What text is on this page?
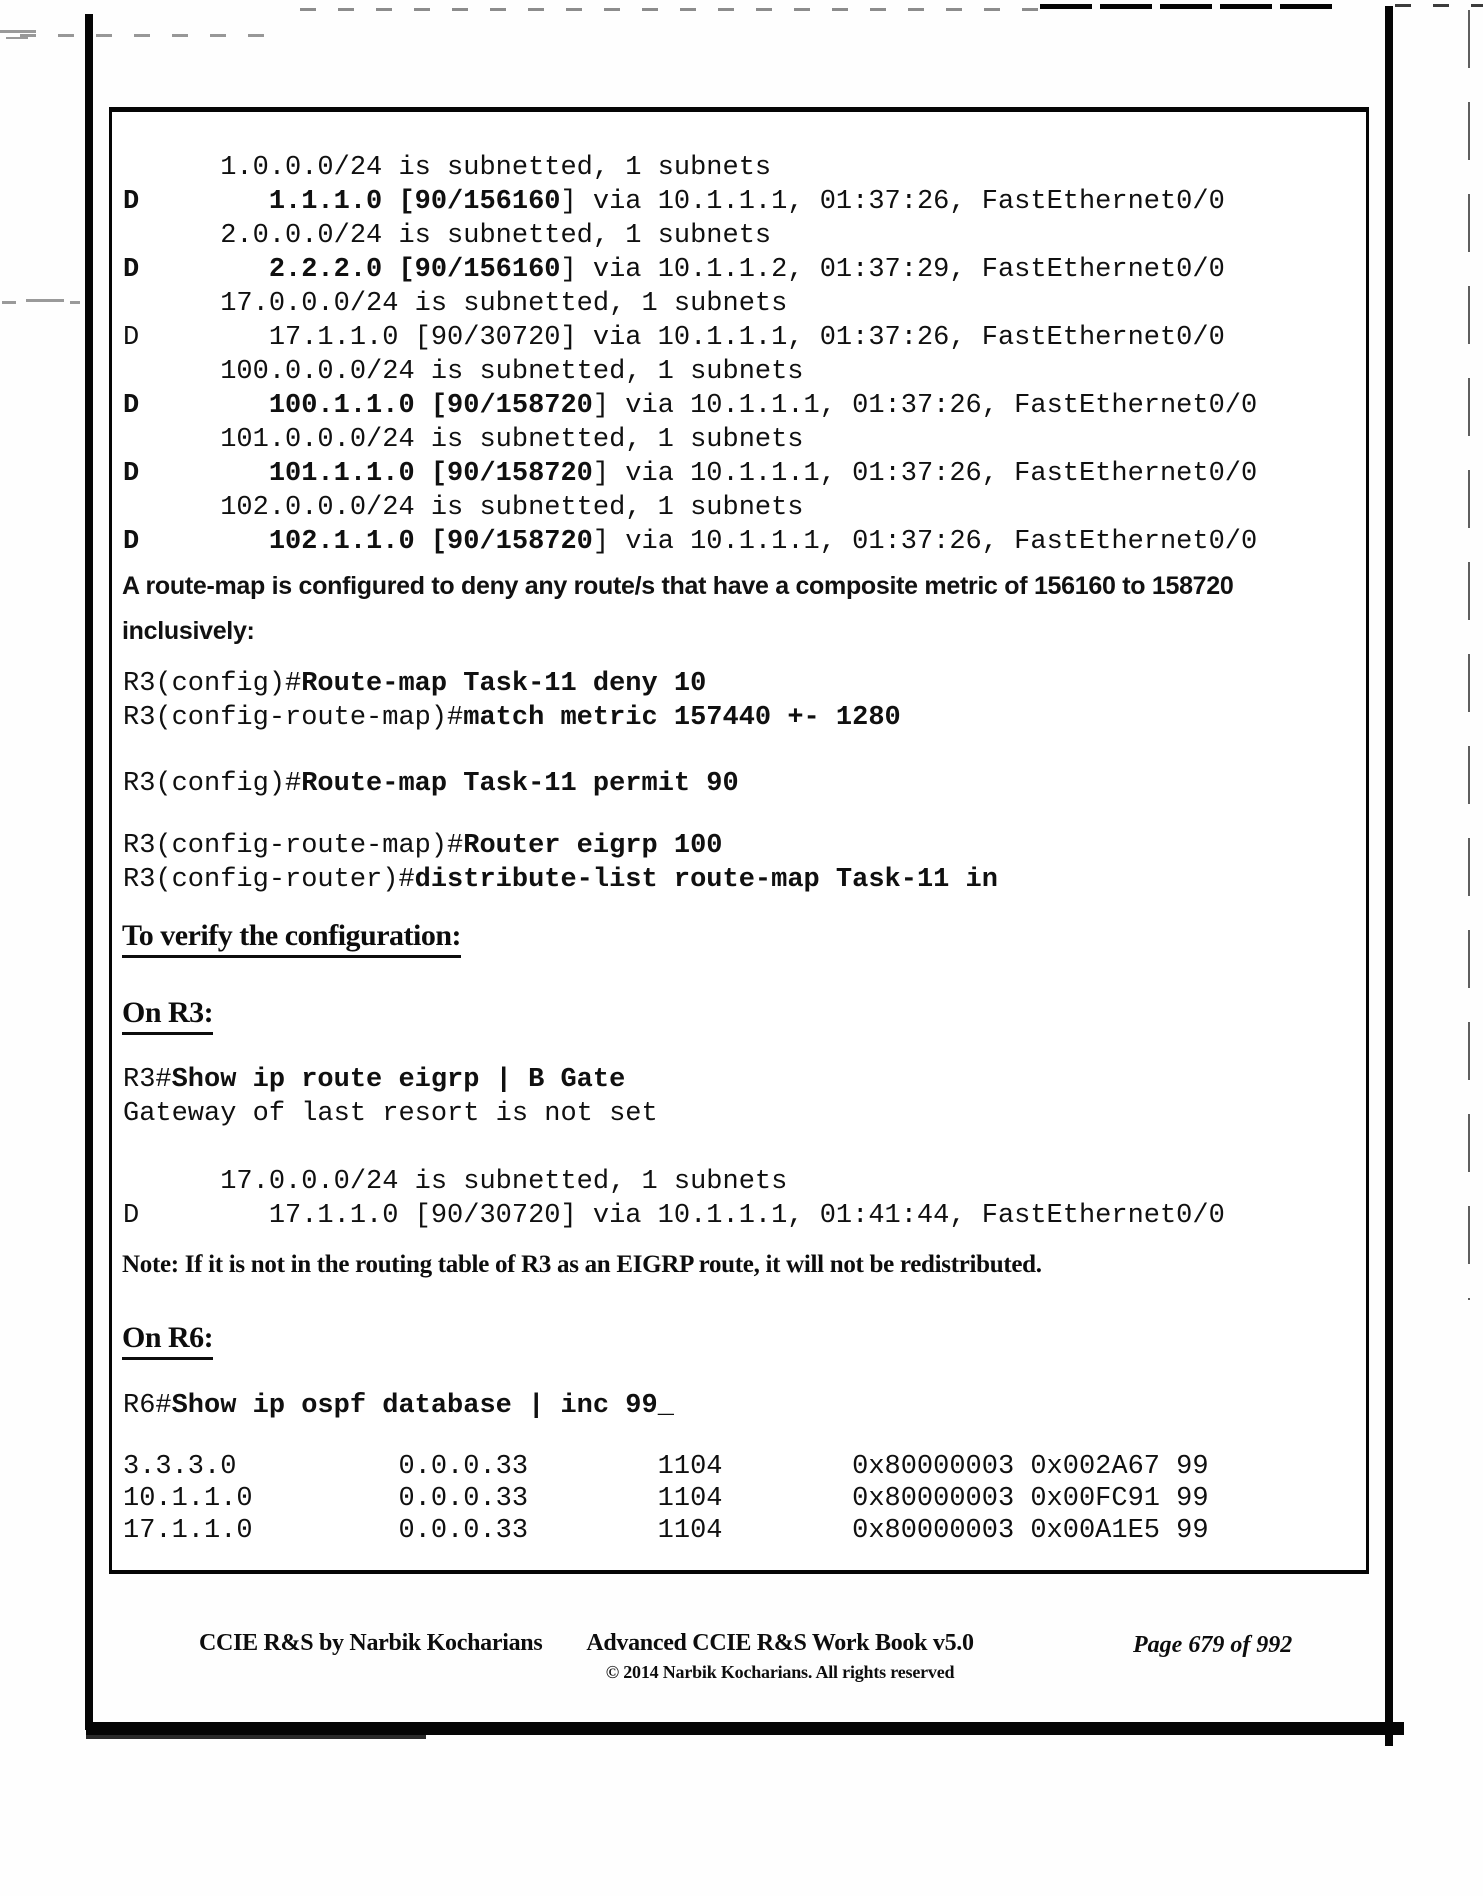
1.0.0.0/24 is subnetted, 1 subnets
D        1.1.1.0 [90/156160] via 10.1.1.1, 01:37:26, FastEthernet0/0
2.0.0.0/24 is subnetted, 1 subnets
D        2.2.2.0 [90/156160] via 10.1.1.2, 01:37:29, FastEthernet0/0
17.0.0.0/24 is subnetted, 1 subnets
D        17.1.1.0 [90/30720] via 10.1.1.1, 01:37:26, FastEthernet0/0
100.0.0.0/24 is subnetted, 1 subnets
D        100.1.1.0 [90/158720] via 10.1.1.1, 01:37:26, FastEthernet0/0
101.0.0.0/24 is subnetted, 1 subnets
D        101.1.1.0 [90/158720] via 10.1.1.1, 01:37:26, FastEthernet0/0
102.0.0.0/24 is subnetted, 1 subnets
D        102.1.1.0 [90/158720] via 10.1.1.1, 01:37:26, FastEthernet0/0
A route-map is configured to deny any route/s that have a composite metric of 156160 to 158720
inclusively:
R3(config)#Route-map Task-11 deny 10
R3(config-route-map)#match metric 157440 +- 1280
R3(config)#Route-map Task-11 permit 90
R3(config-route-map)#Router eigrp 100
R3(config-router)#distribute-list route-map Task-11 in
To verify the configuration:
On R3:
R3#Show ip route eigrp | B Gate
Gateway of last resort is not set

17.0.0.0/24 is subnetted, 1 subnets
D        17.1.1.0 [90/30720] via 10.1.1.1, 01:41:44, FastEthernet0/0
Note: If it is not in the routing table of R3 as an EIGRP route, it will not be redistributed.
On R6:
R6#Show ip ospf database | inc 99_
3.3.3.0          0.0.0.33        1104        0x80000003 0x002A67 99
10.1.1.0         0.0.0.33        1104        0x80000003 0x00FC91 99
17.1.1.0         0.0.0.33        1104        0x80000003 0x00A1E5 99
CCIE R&S by Narbik Kocharians	Advanced CCIE R&S Work Book v5.0
© 2014 Narbik Kocharians. All rights reserved
Page 679 of 992
